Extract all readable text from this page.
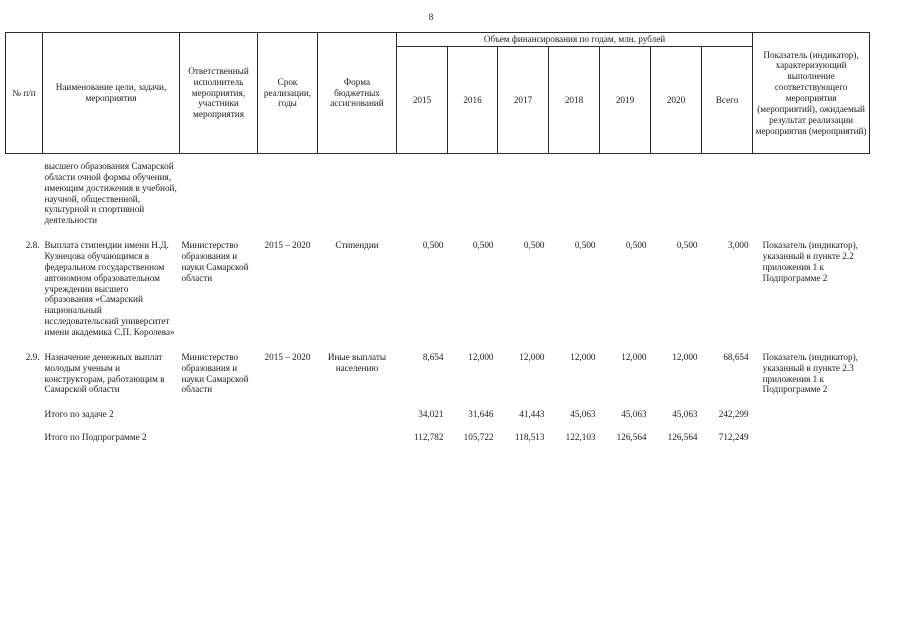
8
№ п/п	Наименование цели, задачи, мероприятия	Ответственный исполнитель мероприятия, участники мероприятия	Срок реализации, годы	Форма бюджетных ассигнований	Объем финансирования по годам, млн. рублей							Показатель (индикатор), характеризующий выполнение соответствующего мероприятия (мероприятий), ожидаемый результат реализации мероприятия (мероприятий)
					2015	2016	2017	2018	2019	2020	Всего	

	высшего образования Самарской области очной формы обучения, имеющим достижения в учебной, научной, общественной, культурной и спортивной деятельности											

2.8.	Выплата стипендии имени Н.Д. Кузнецова обучающимся в федеральном государственном автономном образовательном учреждении высшего образования «Самарский национальный исследовательский университет имени академика С.П. Королева»	Министерство образования и науки Самарской области	2015 – 2020	Стипендии	0,500	0,500	0,500	0,500	0,500	0,500	3,000	Показатель (индикатор), указанный в пункте 2.2 приложения 1 к Подпрограмме 2

2.9.	Назначение денежных выплат молодым ученым и конструкторам, работающим в Самарской области	Министерство образования и науки Самарской области	2015 – 2020	Иные выплаты населению	8,654	12,000	12,000	12,000	12,000	12,000	68,654	Показатель (индикатор), указанный в пункте 2.3 приложения 1 к Подпрограмме 2

	Итого по задаче 2				34,021	31,646	41,443	45,063	45,063	45,063	242,299	

	Итого по Подпрограмме 2				112,782	105,722	118,513	122,103	126,564	126,564	712,249	
